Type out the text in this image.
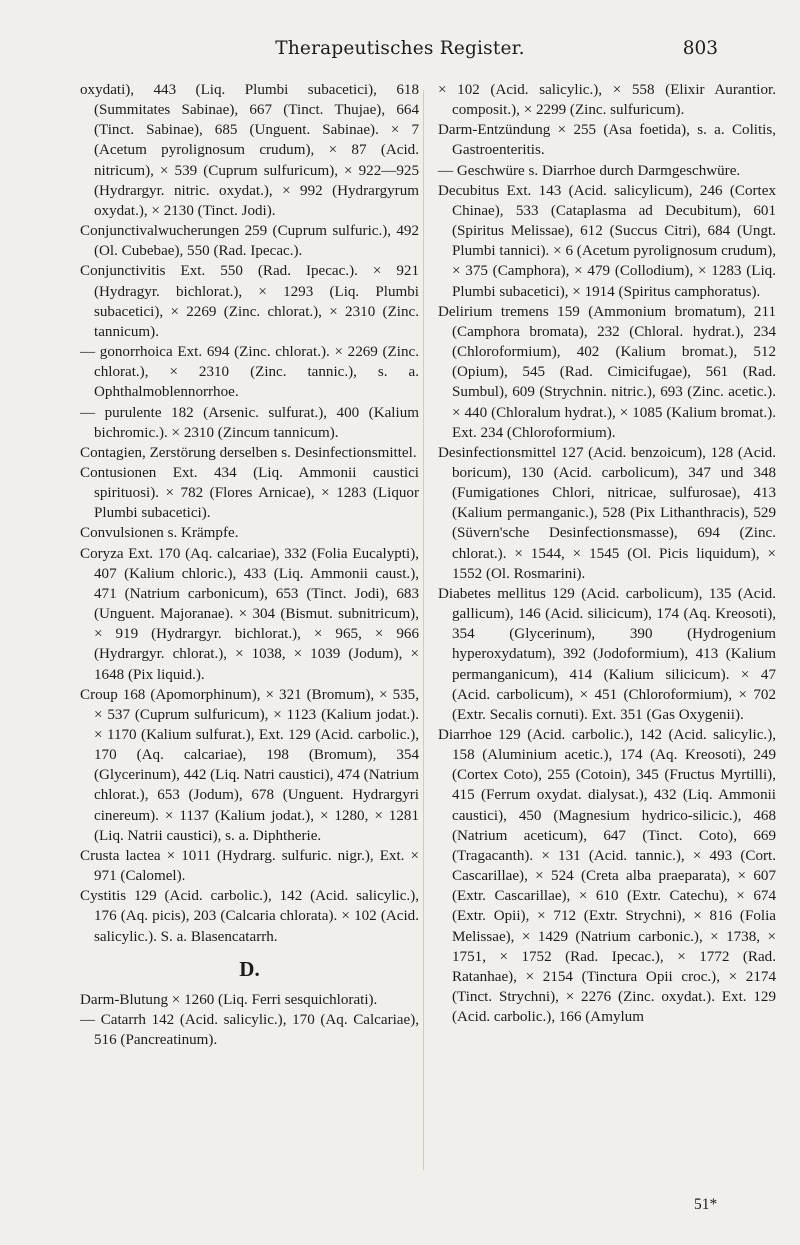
Therapeutisches Register.	803

oxydati), 443 (Liq. Plumbi subacetici), 618 (Summitates Sabinae), 667 (Tinct. Thujae), 664 (Tinct. Sabinae), 685 (Unguent. Sabinae). × 7 (Acetum pyrolignosum crudum), × 87 (Acid. nitricum), × 539 (Cuprum sulfuricum), × 922—925 (Hydrargyr. nitric. oxydat.), × 992 (Hydrargyrum oxydat.), × 2130 (Tinct. Jodi).

Conjunctivalwucherungen 259 (Cuprum sulfuric.), 492 (Ol. Cubebae), 550 (Rad. Ipecac.).

Conjunctivitis Ext. 550 (Rad. Ipecac.). × 921 (Hydragyr. bichlorat.), × 1293 (Liq. Plumbi subacetici), × 2269 (Zinc. chlorat.), × 2310 (Zinc. tannicum).

— gonorrhoica Ext. 694 (Zinc. chlorat.). × 2269 (Zinc. chlorat.), × 2310 (Zinc. tannic.), s. a. Ophthalmoblennorrhoe.

— purulente 182 (Arsenic. sulfurat.), 400 (Kalium bichromic.). × 2310 (Zincum tannicum).

Contagien, Zerstörung derselben s. Desinfectionsmittel.

Contusionen Ext. 434 (Liq. Ammonii caustici spirituosi). × 782 (Flores Arnicae), × 1283 (Liquor Plumbi subacetici).

Convulsionen s. Krämpfe.

Coryza Ext. 170 (Aq. calcariae), 332 (Folia Eucalypti), 407 (Kalium chloric.), 433 (Liq. Ammonii caust.), 471 (Natrium carbonicum), 653 (Tinct. Jodi), 683 (Unguent. Majoranae). × 304 (Bismut. subnitricum), × 919 (Hydrargyr. bichlorat.), × 965, × 966 (Hydrargyr. chlorat.), × 1038, × 1039 (Jodum), × 1648 (Pix liquid.).

Croup 168 (Apomorphinum), × 321 (Bromum), × 535, × 537 (Cuprum sulfuricum), × 1123 (Kalium jodat.). × 1170 (Kalium sulfurat.), Ext. 129 (Acid. carbolic.), 170 (Aq. calcariae), 198 (Bromum), 354 (Glycerinum), 442 (Liq. Natri caustici), 474 (Natrium chlorat.), 653 (Jodum), 678 (Unguent. Hydrargyri cinereum). × 1137 (Kalium jodat.), × 1280, × 1281 (Liq. Natrii caustici), s. a. Diphtherie.

Crusta lactea × 1011 (Hydrarg. sulfuric. nigr.), Ext. × 971 (Calomel).

Cystitis 129 (Acid. carbolic.), 142 (Acid. salicylic.), 176 (Aq. picis), 203 (Calcaria chlorata). × 102 (Acid. salicylic.). S. a. Blasencatarrh.

D.

Darm-Blutung × 1260 (Liq. Ferri sesquichlorati).

— Catarrh 142 (Acid. salicylic.), 170 (Aq. Calcariae), 516 (Pancreatinum).

× 102 (Acid. salicylic.), × 558 (Elixir Aurantior. composit.), × 2299 (Zinc. sulfuricum).

Darm-Entzündung × 255 (Asa foetida), s. a. Colitis, Gastroenteritis.

— Geschwüre s. Diarrhoe durch Darmgeschwüre.

Decubitus Ext. 143 (Acid. salicylicum), 246 (Cortex Chinae), 533 (Cataplasma ad Decubitum), 601 (Spiritus Melissae), 612 (Succus Citri), 684 (Ungt. Plumbi tannici). × 6 (Acetum pyrolignosum crudum), × 375 (Camphora), × 479 (Collodium), × 1283 (Liq. Plumbi subacetici), × 1914 (Spiritus camphoratus).

Delirium tremens 159 (Ammonium bromatum), 211 (Camphora bromata), 232 (Chloral. hydrat.), 234 (Chloroformium), 402 (Kalium bromat.), 512 (Opium), 545 (Rad. Cimicifugae), 561 (Rad. Sumbul), 609 (Strychnin. nitric.), 693 (Zinc. acetic.). × 440 (Chloralum hydrat.), × 1085 (Kalium bromat.). Ext. 234 (Chloroformium).

Desinfectionsmittel 127 (Acid. benzoicum), 128 (Acid. boricum), 130 (Acid. carbolicum), 347 und 348 (Fumigationes Chlori, nitricae, sulfurosae), 413 (Kalium permanganic.), 528 (Pix Lithanthracis), 529 (Süvern'sche Desinfectionsmasse), 694 (Zinc. chlorat.). × 1544, × 1545 (Ol. Picis liquidum), × 1552 (Ol. Rosmarini).

Diabetes mellitus 129 (Acid. carbolicum), 135 (Acid. gallicum), 146 (Acid. silicicum), 174 (Aq. Kreosoti), 354 (Glycerinum), 390 (Hydrogenium hyperoxydatum), 392 (Jodoformium), 413 (Kalium permanganicum), 414 (Kalium silicicum). × 47 (Acid. carbolicum), × 451 (Chloroformium), × 702 (Extr. Secalis cornuti). Ext. 351 (Gas Oxygenii).

Diarrhoe 129 (Acid. carbolic.), 142 (Acid. salicylic.), 158 (Aluminium acetic.), 174 (Aq. Kreosoti), 249 (Cortex Coto), 255 (Cotoin), 345 (Fructus Myrtilli), 415 (Ferrum oxydat. dialysat.), 432 (Liq. Ammonii caustici), 450 (Magnesium hydrico-silicic.), 468 (Natrium aceticum), 647 (Tinct. Coto), 669 (Tragacanth). × 131 (Acid. tannic.), × 493 (Cort. Cascarillae), × 524 (Creta alba praeparata), × 607 (Extr. Cascarillae), × 610 (Extr. Catechu), × 674 (Extr. Opii), × 712 (Extr. Strychni), × 816 (Folia Melissae), × 1429 (Natrium carbonic.), × 1738, × 1751, × 1752 (Rad. Ipecac.), × 1772 (Rad. Ratanhae), × 2154 (Tinctura Opii croc.), × 2174 (Tinct. Strychni), × 2276 (Zinc. oxydat.). Ext. 129 (Acid. carbolic.), 166 (Amylum

51*
